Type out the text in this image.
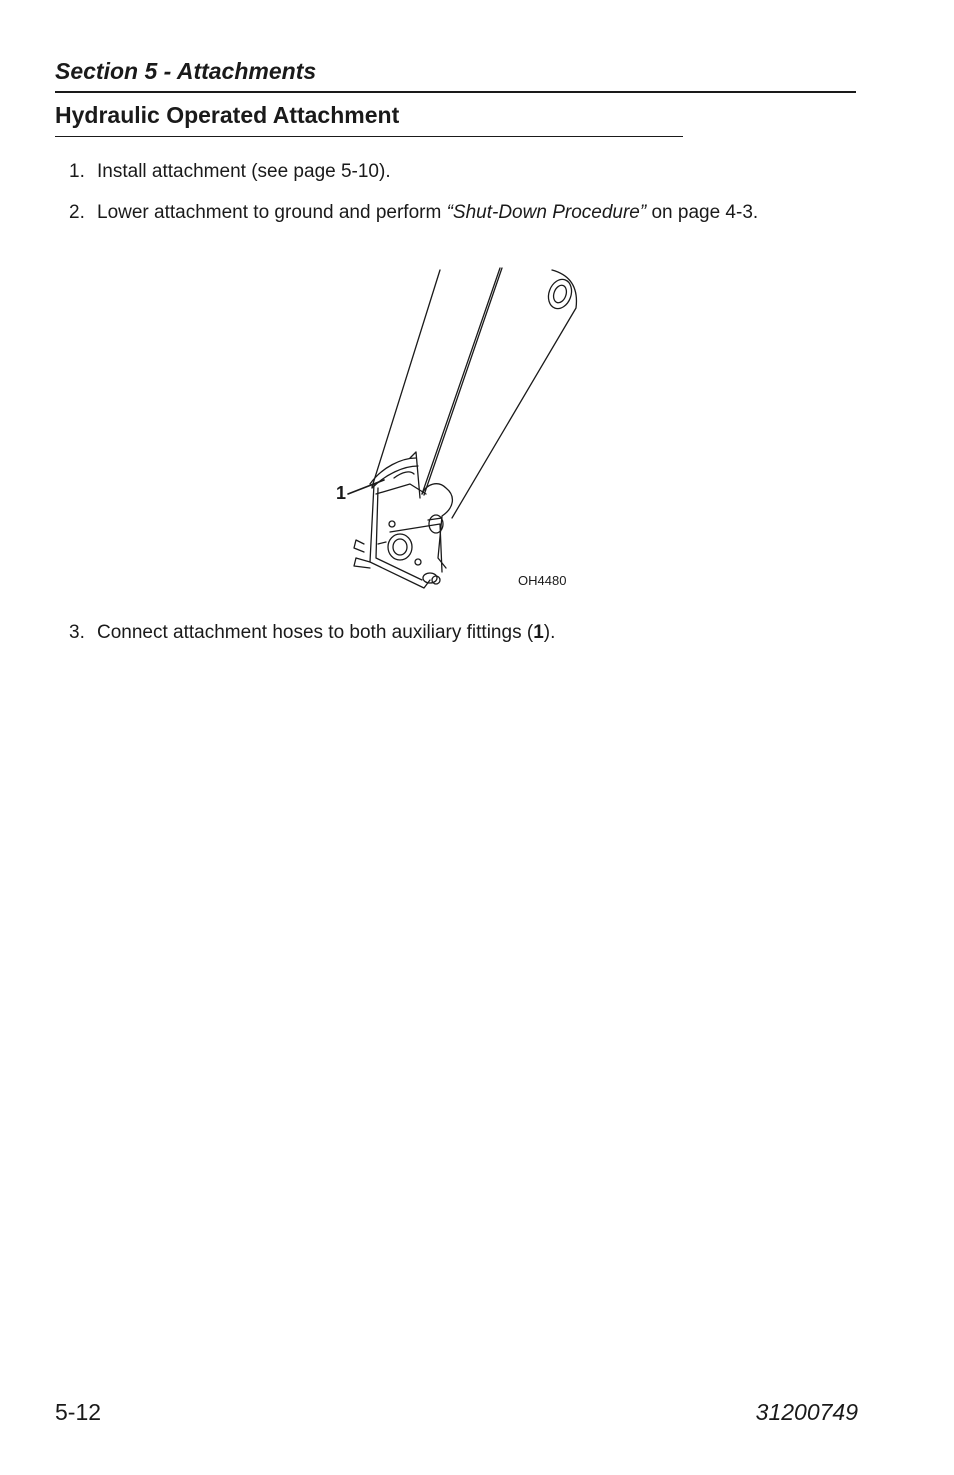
Section 5 - Attachments
Hydraulic Operated Attachment
1. Install attachment (see page 5-10).
2. Lower attachment to ground and perform “Shut-Down Procedure” on page 4-3.
1
OH4480
3. Connect attachment hoses to both auxiliary fittings (1).
5-12	31200749
